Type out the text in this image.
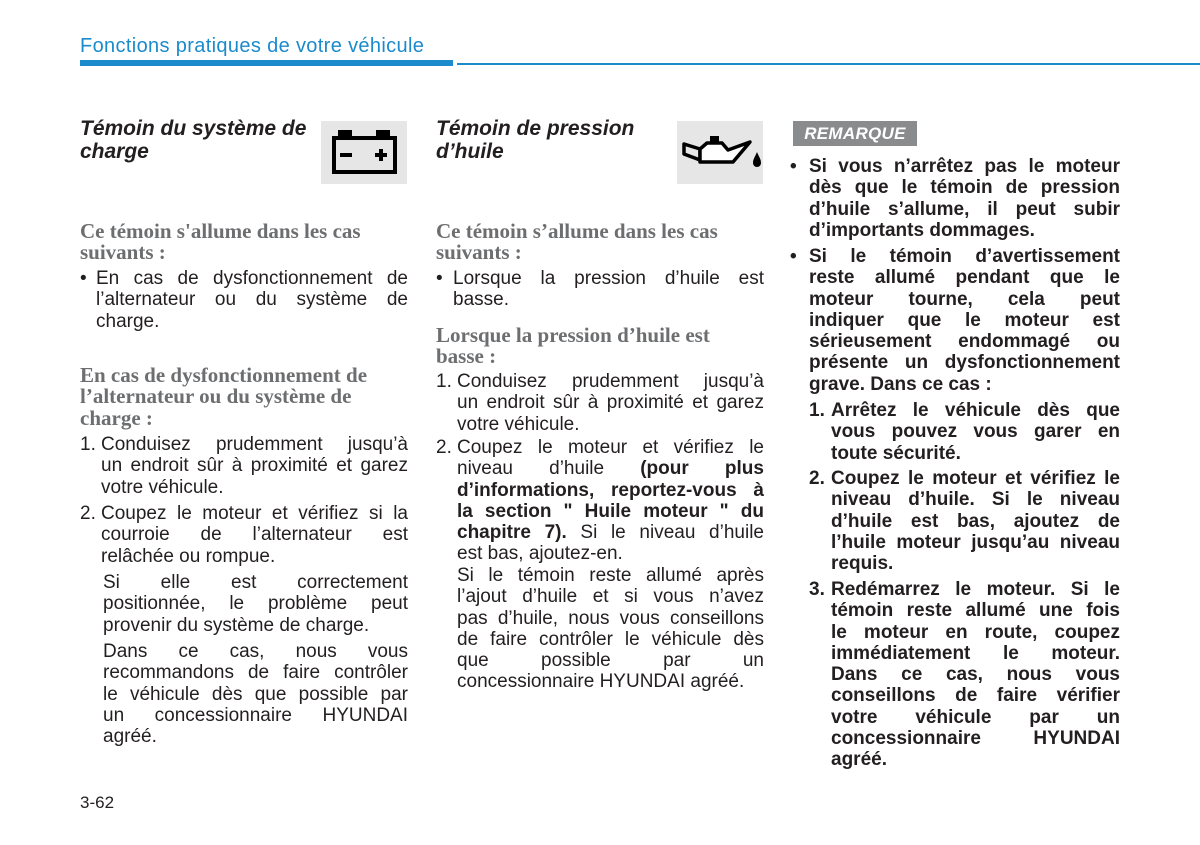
Fonctions pratiques de votre véhicule
Témoin du système de
charge
Ce témoin s'allume dans les cas
suivants :
• En cas de dysfonctionnement de
l’alternateur ou du système de
charge.
En cas de dysfonctionnement de
l’alternateur ou du système de
charge :
1. Conduisez prudemment jusqu’à
un endroit sûr à proximité et garez
votre véhicule.
2. Coupez le moteur et vérifiez si la
courroie de l’alternateur est
relâchée ou rompue.
Si elle est correctement
positionnée, le problème peut
provenir du système de charge.
Dans ce cas, nous vous
recommandons de faire contrôler
le véhicule dès que possible par
un concessionnaire HYUNDAI
agréé.
Témoin de pression
d’huile
Ce témoin s’allume dans les cas
suivants :
• Lorsque la pression d’huile est
basse.
Lorsque la pression d’huile est
basse :
1. Conduisez prudemment jusqu’à
un endroit sûr à proximité et garez
votre véhicule.
2. Coupez le moteur et vérifiez le
niveau d’huile (pour plus
d’informations, reportez-vous à
la section " Huile moteur " du
chapitre 7). Si le niveau d’huile
est bas, ajoutez-en.
Si le témoin reste allumé après
l’ajout d’huile et si vous n’avez
pas d’huile, nous vous conseillons
de faire contrôler le véhicule dès
que possible par un
concessionnaire HYUNDAI agréé.
REMARQUE
• Si vous n’arrêtez pas le moteur
dès que le témoin de pression
d’huile s’allume, il peut subir
d’importants dommages.
• Si le témoin d’avertissement
reste allumé pendant que le
moteur tourne, cela peut
indiquer que le moteur est
sérieusement endommagé ou
présente un dysfonctionnement
grave. Dans ce cas :
1. Arrêtez le véhicule dès que
vous pouvez vous garer en
toute sécurité.
2. Coupez le moteur et vérifiez le
niveau d’huile. Si le niveau
d’huile est bas, ajoutez de
l’huile moteur jusqu’au niveau
requis.
3. Redémarrez le moteur. Si le
témoin reste allumé une fois
le moteur en route, coupez
immédiatement le moteur.
Dans ce cas, nous vous
conseillons de faire vérifier
votre véhicule par un
concessionnaire HYUNDAI
agréé.
3-62
